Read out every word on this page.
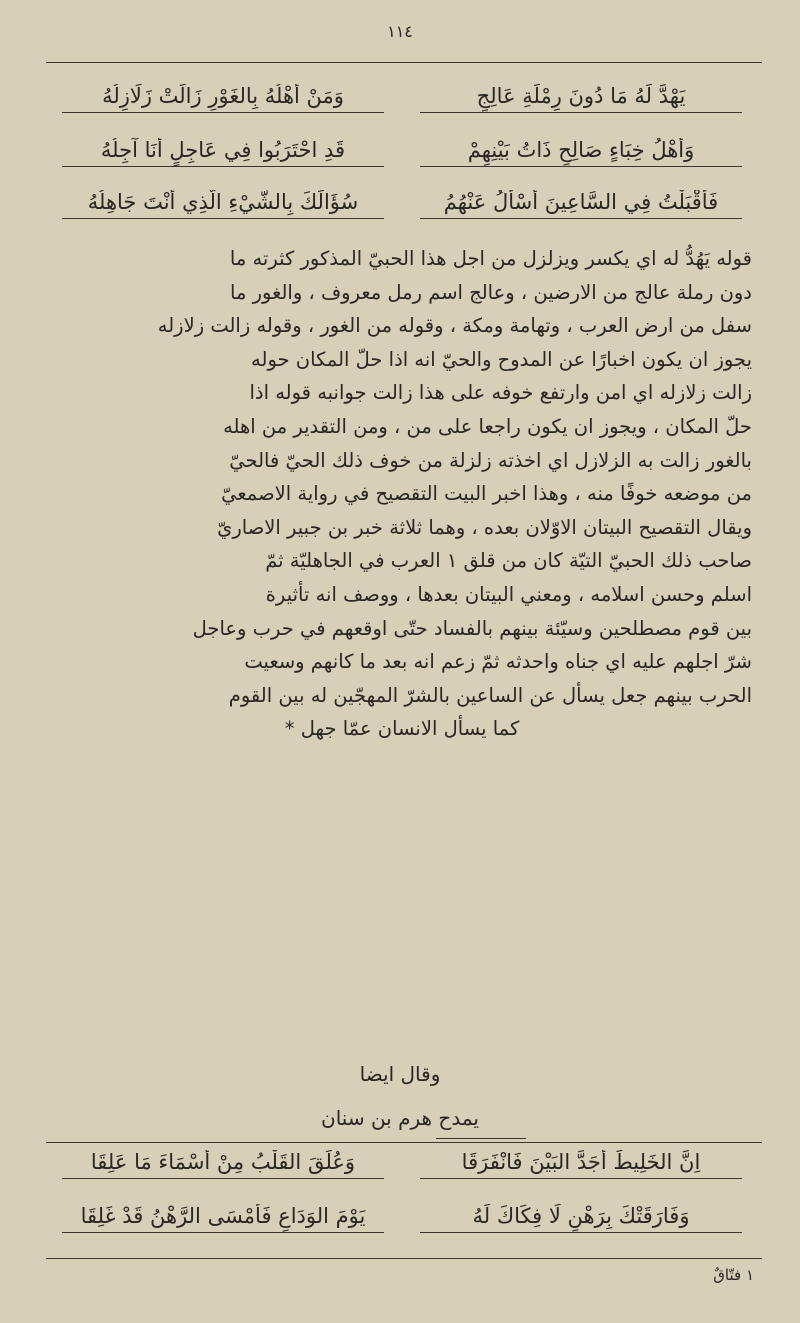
١١٤
وَمَنْ أَهْلُهُ بِالغَوْرِ زَالَتْ زَلَازِلُهُ	يَهْدَّ لَهُ مَا دُونَ رِمْلَةِ عَالِجٍ
قَدِ احْتَرَبُوا فِي عَاجِلٍ أَنَا آجِلُهُ	وَأَهْلُ خِبَاءٍ صَالِحٍ ذَاتُ بَيْنِهِمْ
سُؤَالَكَ بِالشَّيْءِ الَّذِي أَنْتَ جَاهِلُهُ	فَأَقْبَلْتُ فِي السَّاعِينَ أَسْأَلُ عَنْهُمُ

قوله يَهُدُّ له اي يكسر ويزلزل من اجل هذا الحبيّ المذكور كثرته ما

دون رملة عالج من الارضين ، وعالج اسم رمل معروف ، والغور ما

سفل من ارض العرب ، وتهامة ومكة ، وقوله من الغور ، وقوله زالت زلازله

يجوز ان يكون اخبارًا عن المدوح والحيّ انه اذا حلّ المكان حوله

زالت زلازله اي امن وارتفع خوفه على هذا زالت جوانبه قوله اذا

حلّ المكان ، ويجوز ان يكون راجعا على من ، ومن التقدير من اهله

بالغور زالت به الزلازل اي اخذته زلزلة من خوف ذلك الحيّ فالحيّ

من موضعه خوفًا منه ، وهذا اخبر البيت التقصيح في رواية الاصمعيّ

ويقال التقصيح البيتان الاوّلان بعده ، وهما ثلاثة خبر بن جبير الاصاريّ

صاحب ذلك الحبيّ التيّة كان من قلق ١ العرب في الجاهليّة ثمّ

اسلم وحسن اسلامه ، ومعني البيتان بعدها ، ووصف انه تأثيرة

بين قوم مصطلحين وسيّئة بينهم بالفساد حتّى اوقعهم في حرب وعاجل

شرّ اجلهم عليه اي جناه واحدثه ثمّ زعم انه بعد ما كانهم وسعيت

الحرب بينهم جعل يسأل عن الساعين بالشرّ المهجّين له بين القوم

كما يسأل الانسان عمّا جهل *

وقال ايضا
يمدح هرم بن سنان
وَعُلِّقَ القَلْبُ مِنْ أَسْمَاءَ مَا عَلِقَا	اِنَّ الخَلِيطَ أَجَدَّ البَيْنَ فَانْفَرَقَا
يَوْمَ الوَدَاعِ فَأَمْسَى الرَّهْنُ قَدْ غَلِقَا	وَفَارَقَتْكَ بِرَهْنٍ لَا فِكَاكَ لَهُ
١ فتّاقٌ
